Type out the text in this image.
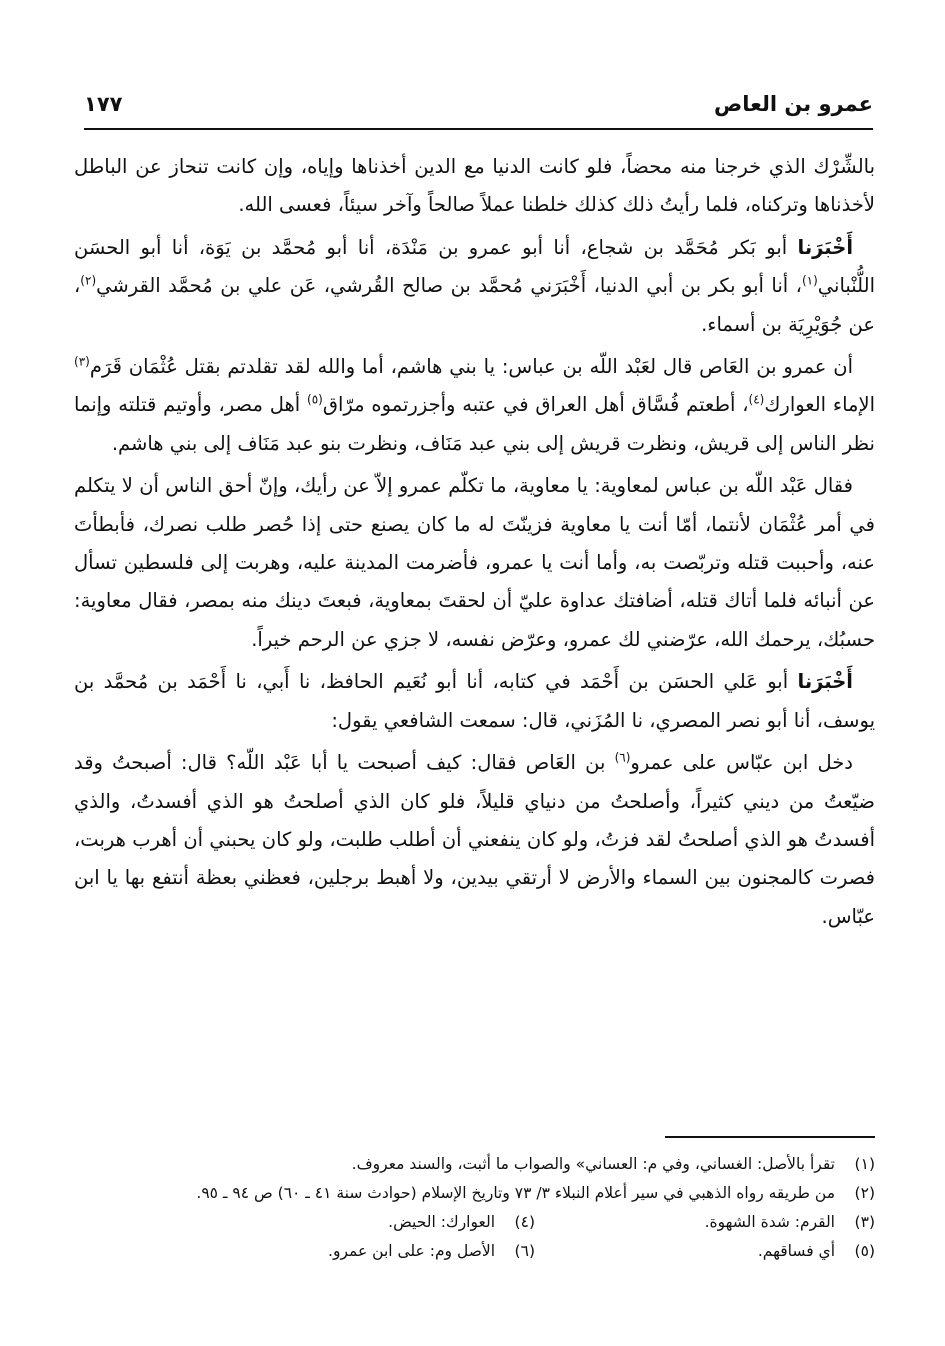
عمرو بن العاص
١٧٧

بالشِّرْك الذي خرجنا منه محضاً، فلو كانت الدنيا مع الدين أخذناها وإياه، وإن كانت تنحاز عن الباطل لأخذناها وتركناه، فلما رأيتُ ذلك كذلك خلطنا عملاً صالحاً وآخر سيئاً، فعسى الله.

أَخْبَرَنا أبو بَكر مُحَمَّد بن شجاع، أنا أبو عمرو بن مَنْدَة، أنا أبو مُحمَّد بن يَوَة، أنا أبو الحسَن اللُّنْباني$^{(١)}$، أنا أبو بكر بن أبي الدنيا، أَخْبَرَني مُحمَّد بن صالح القُرشي، عَن علي بن مُحمَّد القرشي$^{(٢)}$، عن جُوَيْرِيَة بن أسماء.

أن عمرو بن العَاص قال لعَبْد اللّه بن عباس: يا بني هاشم، أما والله لقد تقلدتم بقتل عُثْمَان قَرَم$^{(٣)}$ الإماء العوارك$^{(٤)}$، أطعتم فُسَّاق أهل العراق في عتبه وأجزرتموه مرّاق$^{(٥)}$ أهل مصر، وأوتيم قتلته وإنما نظر الناس إلى قريش، ونظرت قريش إلى بني عبد مَنَاف، ونظرت بنو عبد مَنَاف إلى بني هاشم.

فقال عَبْد اللّه بن عباس لمعاوية: يا معاوية، ما تكلّم عمرو إلاّ عن رأيك، وإنّ أحق الناس أن لا يتكلم في أمر عُثْمَان لأنتما، أمّا أنت يا معاوية فزينّتَ له ما كان يصنع حتى إذا حُصر طلب نصرك، فأبطأتَ عنه، وأحببت قتله وتربّصت به، وأما أنت يا عمرو، فأضرمت المدينة عليه، وهربت إلى فلسطين تسأل عن أنبائه فلما أتاك قتله، أضافتك عداوة عليّ أن لحقتَ بمعاوية، فبعتَ دينك منه بمصر، فقال معاوية: حسبُك، يرحمك الله، عرّضني لك عمرو، وعرّض نفسه، لا جزي عن الرحم خيراً.

أَخْبَرَنا أبو عَلي الحسَن بن أَحْمَد في كتابه، أنا أبو نُعَيم الحافظ، نا أَبي، نا أَحْمَد بن مُحمَّد بن يوسف، أنا أبو نصر المصري، نا المُزَني، قال: سمعت الشافعي يقول:

دخل ابن عبّاس على عمرو$^{(٦)}$ بن العَاص فقال: كيف أصبحت يا أبا عَبْد اللّه؟ قال: أصبحتُ وقد ضيّعتُ من ديني كثيراً، وأصلحتُ من دنياي قليلاً، فلو كان الذي أصلحتُ هو الذي أفسدتُ، والذي أفسدتُ هو الذي أصلحتُ لقد فزتُ، ولو كان ينفعني أن أطلب طلبت، ولو كان يحبني أن أهرب هربت، فصرت كالمجنون بين السماء والأرض لا أرتقي بيدين، ولا أهبط برجلين، فعظني بعظة أنتفع بها يا ابن عبّاس.

(١)
تقرأ بالأصل: الغساني، وفي م: العساني» والصواب ما أثبت، والسند معروف.
(٢)
من طريقه رواه الذهبي في سير أعلام النبلاء ٣/ ٧٣ وتاريخ الإسلام (حوادث سنة ٤١ ـ ٦٠) ص ٩٤ ـ ٩٥.
(٣)
القرم: شدة الشهوة.
(٤)
العوارك: الحيض.
(٥)
أي فساقهم.
(٦)
الأصل وم: على ابن عمرو.
